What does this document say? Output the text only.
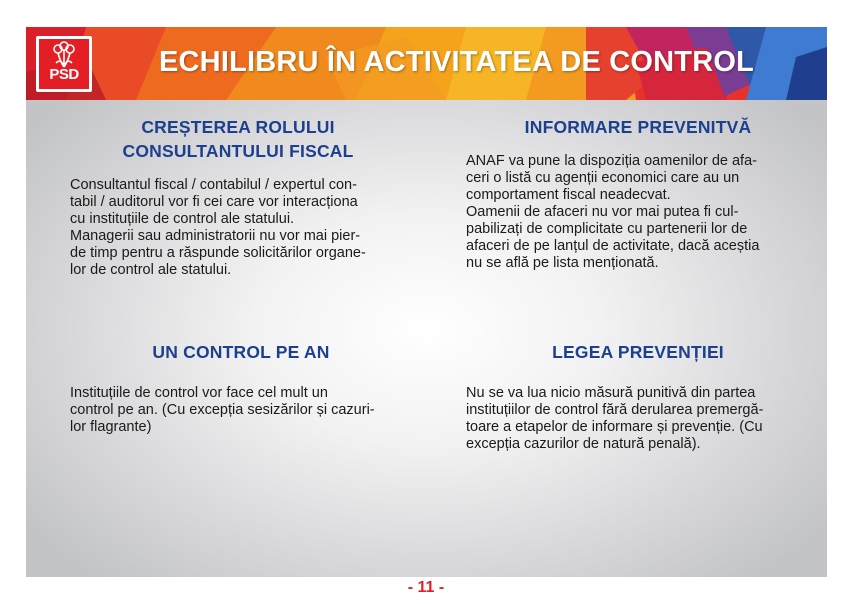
PSD	ECHILIBRU ÎN ACTIVITATEA DE CONTROL
CREȘTEREA ROLULUI
CONSULTANTULUI FISCAL
Consultantul fiscal / contabilul / expertul con-
tabil / auditorul vor fi cei care vor interacționa
cu instituțiile de control ale statului.
Managerii sau administratorii nu vor mai pier-
de timp pentru a răspunde solicitărilor organe-
lor de control ale statului.
INFORMARE PREVENITVĂ
ANAF va pune la dispoziția oamenilor de afa-
ceri o listă cu agenții economici care au un
comportament fiscal neadecvat.
Oamenii de afaceri nu vor mai putea fi cul-
pabilizați de complicitate cu partenerii lor de
afaceri de pe lanțul de activitate, dacă aceștia
nu se află pe lista menționată.
UN CONTROL PE AN
Instituțiile de control vor face cel mult un
control pe an. (Cu excepția sesizărilor și cazuri-
lor flagrante)
LEGEA PREVENȚIEI
Nu se va lua nicio măsură punitivă din partea
instituțiilor de control fără derularea premergă-
toare a etapelor de informare și prevenție. (Cu
excepția cazurilor de natură penală).
- 11 -
